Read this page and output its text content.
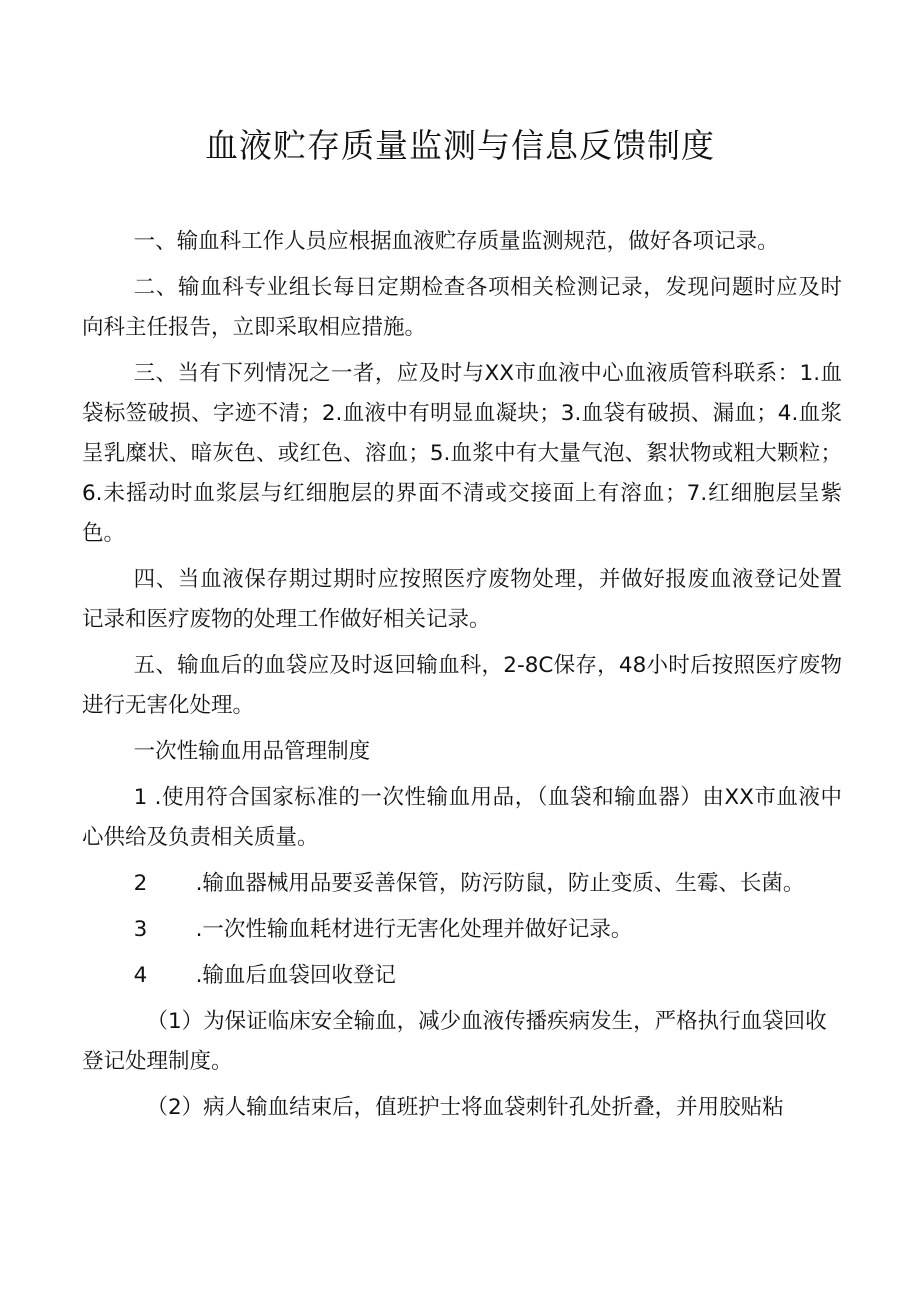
血液贮存质量监测与信息反馈制度

一、输血科工作人员应根据血液贮存质量监测规范，做好各项记录。

二、输血科专业组长每日定期检查各项相关检测记录，发现问题时应及时向科主任报告，立即采取相应措施。

三、当有下列情况之一者，应及时与XX市血液中心血液质管科联系：1.血袋标签破损、字迹不清；2.血液中有明显血凝块；3.血袋有破损、漏血；4.血浆呈乳糜状、暗灰色、或红色、溶血；5.血浆中有大量气泡、絮状物或粗大颗粒；6.未摇动时血浆层与红细胞层的界面不清或交接面上有溶血；7.红细胞层呈紫色。

四、当血液保存期过期时应按照医疗废物处理，并做好报废血液登记处置记录和医疗废物的处理工作做好相关记录。

五、输血后的血袋应及时返回输血科，2-8C保存，48小时后按照医疗废物进行无害化处理。

一次性输血用品管理制度

1 .使用符合国家标准的一次性输血用品，（血袋和输血器）由XX市血液中心供给及负责相关质量。

2 .输血器械用品要妥善保管，防污防鼠，防止变质、生霉、长菌。

3 .一次性输血耗材进行无害化处理并做好记录。

4 .输血后血袋回收登记

（1）为保证临床安全输血，减少血液传播疾病发生，严格执行血袋回收登记处理制度。

（2）病人输血结束后，值班护士将血袋刺针孔处折叠，并用胶贴粘
